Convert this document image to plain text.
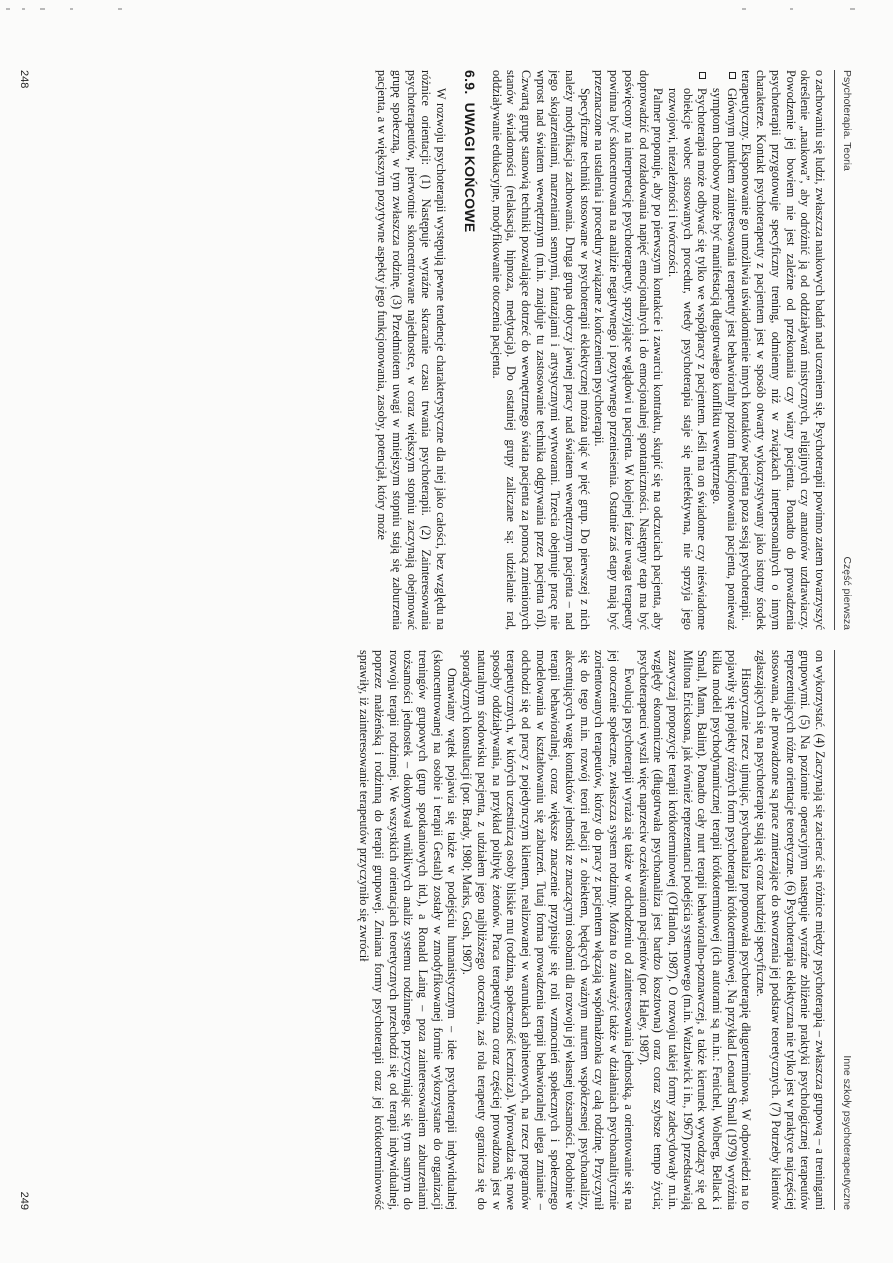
Psychoterapia. Teoria
Część pierwsza

o zachowaniu się ludzi, zwłaszcza naukowych badań nad uczeniem się. Psychoterapii powinno zatem towarzyszyć określenie „naukowa”, aby odróżnić ją od oddziaływań mistycznych, religijnych czy amatorów uzdrawiaczy. Powodzenie jej bowiem nie jest zależne od przekonania czy wiary pacjenta. Ponadto do prowadzenia psychoterapii przygotowuje specyficzny trening, odmienny niż w związkach interpersonalnych o innym charakterze. Kontakt psychoterapeuty z pacjentem jest w sposób otwarty wykorzystywany jako istotny środek terapeutyczny. Eksponowanie go umożliwia uświadomienie innych kontaktów pacjenta poza sesją psychoterapii.

Głównym punktem zainteresowania terapeuty jest behawioralny poziom funkcjonowania pacjenta, ponieważ symptom chorobowy może być manifestacją długotrwałego konfliktu wewnętrznego.

Psychoterapia może odbywać się tylko we współpracy z pacjentem. Jeśli ma on świadome czy nieświadome obiekcje wobec stosowanych procedur, wtedy psychoterapia staje się nieefektywna, nie sprzyja jego rozwojowi, niezależności i twórczości.

Palmer proponuje, aby po pierwszym kontakcie i zawarciu kontraktu, skupić się na odczuciach pacjenta, aby doprowadzić od rozładowania napięć emocjonalnych i do emocjonalnej spontaniczności. Następny etap ma być poświęcony na interpretację psychoterapeuty, sprzyjające wglądowi u pacjenta. W kolejnej fazie uwaga terapeuty powinna być skoncentrowana na analizie negatywnego i pozytywnego przeniesienia. Ostatnie zaś etapy mają być przeznaczone na ustalenia i procedury związane z kończeniem psychoterapii.

Specyficzne techniki stosowane w psychoterapii eklektycznej można ująć w pięć grup. Do pierwszej z nich należy modyfikacja zachowania. Druga grupa dotyczy jawnej pracy nad światem wewnętrznym pacjenta – nad jego skojarzeniami, marzeniami sennymi, fantazjami i artystycznymi wytworami. Trzecia obejmuje pracę nie wprost nad światem wewnętrznym (m.in. znajduje tu zastosowanie technika odgrywania przez pacjenta ról). Czwartą grupę stanowią techniki pozwalające dotrzeć do wewnętrznego świata pacjenta za pomocą zmienionych stanów świadomości (relaksacja, hipnoza, medytacja). Do ostatniej grupy zaliczane są: udzielanie rad, oddziaływanie edukacyjne, modyfikowanie otoczenia pacjenta.

6.9.UWAGI KOŃCOWE

W rozwoju psychoterapii występują pewne tendencje charakterystyczne dla niej jako całości, bez względu na różnice orientacji: (1) Następuje wyraźne skracanie czasu trwania psychoterapii. (2) Zainteresowania psychoterapeutów, pierwotnie skoncentrowane najednostce, w coraz większym stopniu zaczynają obejmować grupę społeczną, w tym zwłaszcza rodzinę. (3) Przedmiotem uwagi w mniejszym stopniu stają się zaburzenia pacjenta, a w większym pozytywne aspekty jego funkcjonowania, zasoby, potencjał, który może

248
Inne szkoły psychoterapeutyczne

on wykorzystać. (4) Zaczynają się zacierać się różnice między psychoterapią – zwłaszcza grupową – a treningami grupowymi. (5) Na poziomie operacyjnym następuje wyraźne zbliżenie praktyki psychologicznej terapeutów reprezentujących różne orientacje teoretyczne. (6) Psychoterapia eklektyczna nie tylko jest w praktyce najczęściej stosowana, ale prowadzone są prace zmierzające do stworzenia jej podstaw teoretycznych. (7) Potrzeby klientów zgłaszających się na psychoterapię stają się coraz bardziej specyficzne.

Historycznie rzecz ujmując, psychoanaliza proponowała psychoterapię długoterminową. W odpowiedzi na to pojawiły się projekty różnych form psychoterapii krótkoterminowej. Na przykład Leonard Small (1979) wyróżnia kilka modeli psychodynamicznej terapii krótkoterminowej (ich autorami są m.in.: Fenichel, Wolberg, Bellack i Small, Mann, Balint). Ponadto cały nurt terapii behawioralno-poznawczej, a także kierunek wywodzący się od Miltona Ericksona, jak również reprezentanci podejścia systemowego (m.in. Watzlawick i in., 1967) przedstawiają zazwyczaj propozycje terapii krótkoterminowej (O'Hanlon, 1987). O rozwoju takiej formy zadecydowały m.in. względy ekonomiczne (długotrwała psychoanaliza jest bardzo kosztowna) oraz coraz szybsze tempo życia; psychoterapeuci wyszli więc naprzeciw oczekiwaniom pacjentów (por. Haley, 1987).

Ewolucja psychoterapii wyraża się także w odchodzeniu od zainteresowania jednostką, a orientowanie się na jej otoczenie społeczne, zwłaszcza system rodzinny. Można to zauważyć także w działaniach psychoanalitycznie zorientowanych terapeutów, którzy do pracy z pacjentem włączają współmałżonka czy całą rodzinę. Przyczynił się do tego m.in. rozwój teorii relacji z obiektem, będących ważnym nurtem współczesnej psychoanalizy, akcentujących wagę kontaktów jednostki ze znaczącymi osobami dla rozwoju jej własnej tożsamości. Podobnie w terapii behawioralnej, coraz większe znaczenie przypisuje się roli wzmocnień społecznych i społecznego modelowania w kształtowaniu się zaburzeń. Tutaj forma prowadzenia terapii behawioralnej ulega zmianie – odchodzi się od pracy z pojedynczym klientem, realizowanej w warunkach gabinetowych, na rzecz programów terapeutycznych, w których uczestniczą osoby bliskie mu (rodzina, społeczność lecznicza). Wprowadza się nowe sposoby oddziaływania, na przykład politykę żetonów. Praca terapeutyczna coraz częściej prowadzona jest w naturalnym środowisku pacjenta, z udziałem jego najbliższego otoczenia, zaś rola terapeuty ogranicza się do sporadycznych konsultacji (por. Brady, 1980; Marks, Gosh, 1987).

Omawiany wątek pojawia się także w podejściu humanistycznym – idee psychoterapii indywidualnej (skoncentrowanej na osobie i terapii Gestalt) zostały w zmodyfikowanej formie wykorzystane do organizacji treningów grupowych (grup spotkaniowych itd.), a Ronald Laing – poza zainteresowaniem zaburzeniami tożsamości jednostek – dokonywał wnikliwych analiz systemu rodzinnego, przyczyniając się tym samym do rozwoju terapii rodzinnej. We wszystkich orientacjach teoretycznych przechodzi się od terapii indywidualnej, poprzez małżeńską i rodzinną do terapii grupowej. Zmiana formy psychoterapii oraz jej krótkoterminowość sprawiły, iż zainteresowanie terapeutów przyczyniło się zwrócił

249
